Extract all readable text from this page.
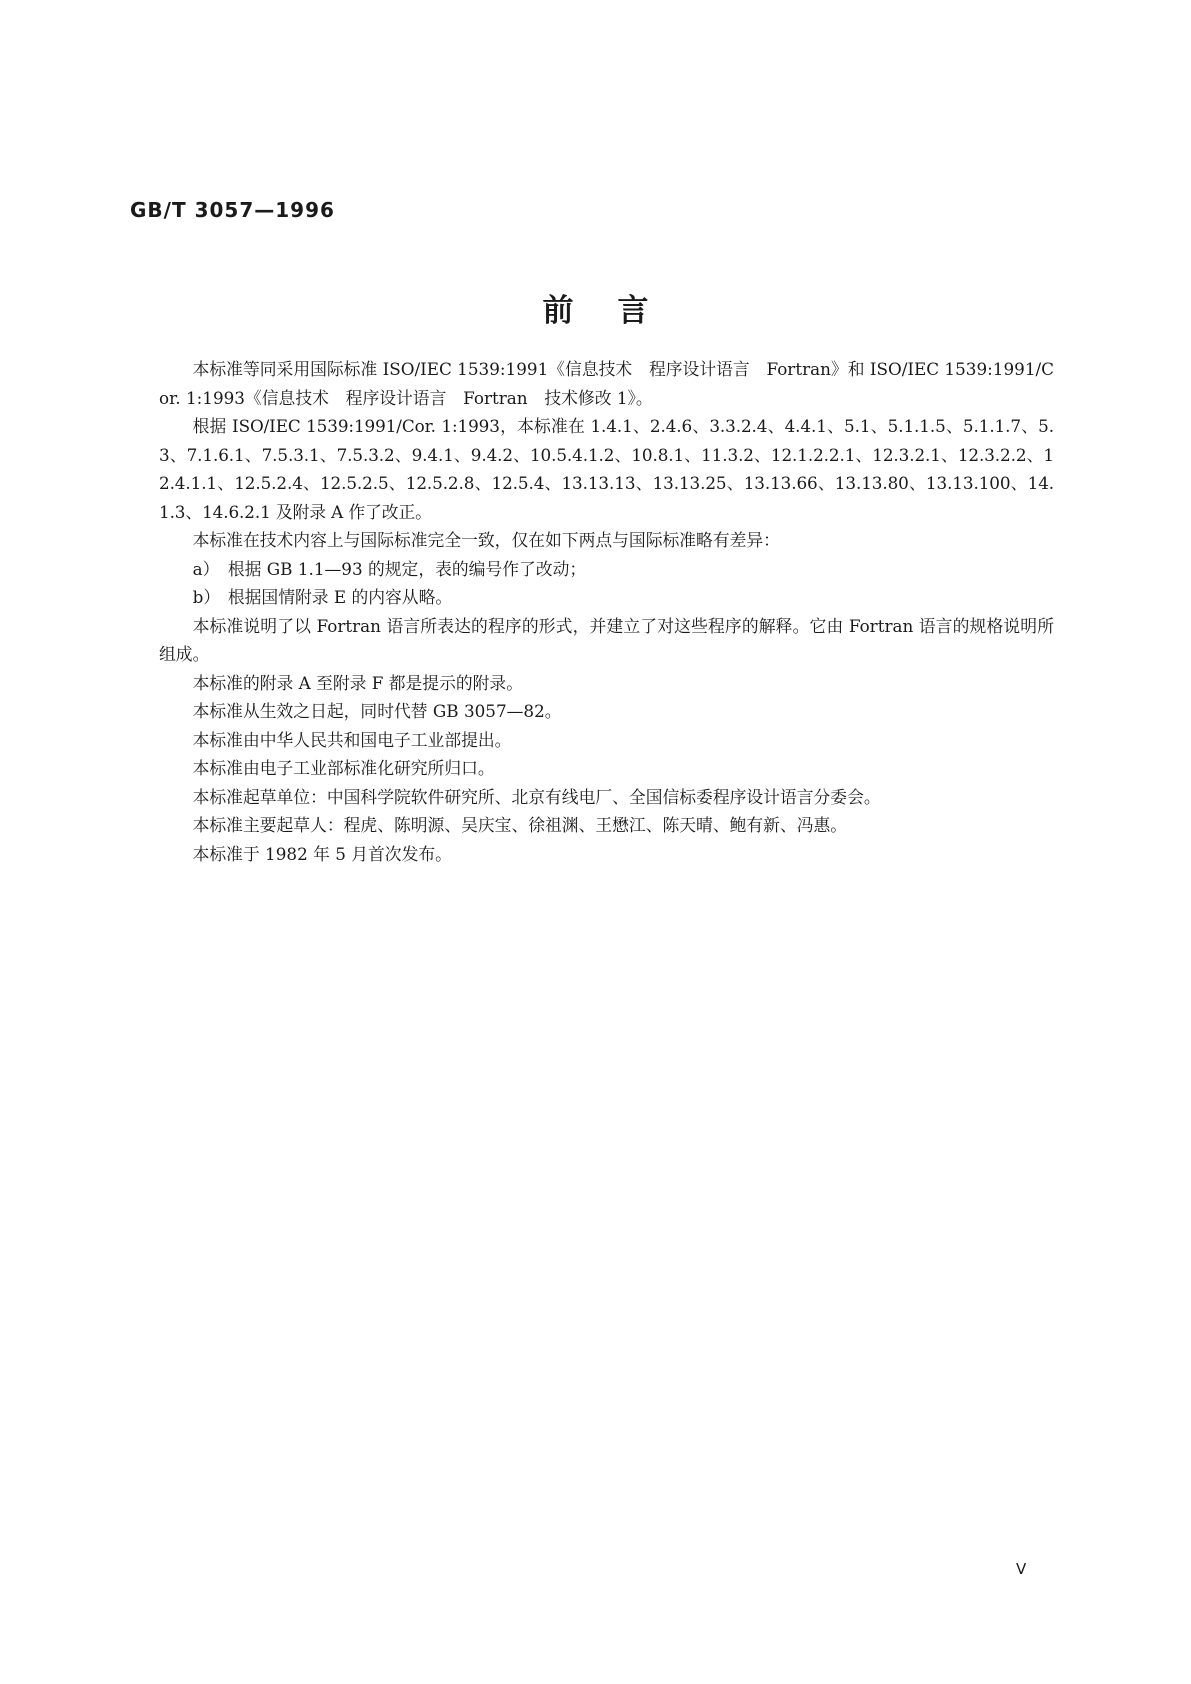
GB/T 3057—1996
前言

本标准等同采用国际标准 ISO/IEC 1539:1991《信息技术　程序设计语言　Fortran》和 ISO/IEC 1539:1991/Cor. 1:1993《信息技术　程序设计语言　Fortran　技术修改 1》。

根据 ISO/IEC 1539:1991/Cor. 1:1993，本标准在 1.4.1、2.4.6、3.3.2.4、4.4.1、5.1、5.1.1.5、5.1.1.7、5.3、7.1.6.1、7.5.3.1、7.5.3.2、9.4.1、9.4.2、10.5.4.1.2、10.8.1、11.3.2、12.1.2.2.1、12.3.2.1、12.3.2.2、12.4.1.1、12.5.2.4、12.5.2.5、12.5.2.8、12.5.4、13.13.13、13.13.25、13.13.66、13.13.80、13.13.100、14.1.3、14.6.2.1 及附录 A 作了改正。

本标准在技术内容上与国际标准完全一致，仅在如下两点与国际标准略有差异：

a） 根据 GB 1.1—93 的规定，表的编号作了改动；

b） 根据国情附录 E 的内容从略。

本标准说明了以 Fortran 语言所表达的程序的形式，并建立了对这些程序的解释。它由 Fortran 语言的规格说明所组成。

本标准的附录 A 至附录 F 都是提示的附录。

本标准从生效之日起，同时代替 GB 3057—82。

本标准由中华人民共和国电子工业部提出。

本标准由电子工业部标准化研究所归口。

本标准起草单位：中国科学院软件研究所、北京有线电厂、全国信标委程序设计语言分委会。

本标准主要起草人：程虎、陈明源、吴庆宝、徐祖渊、王懋江、陈天晴、鲍有新、冯惠。

本标准于 1982 年 5 月首次发布。

V
